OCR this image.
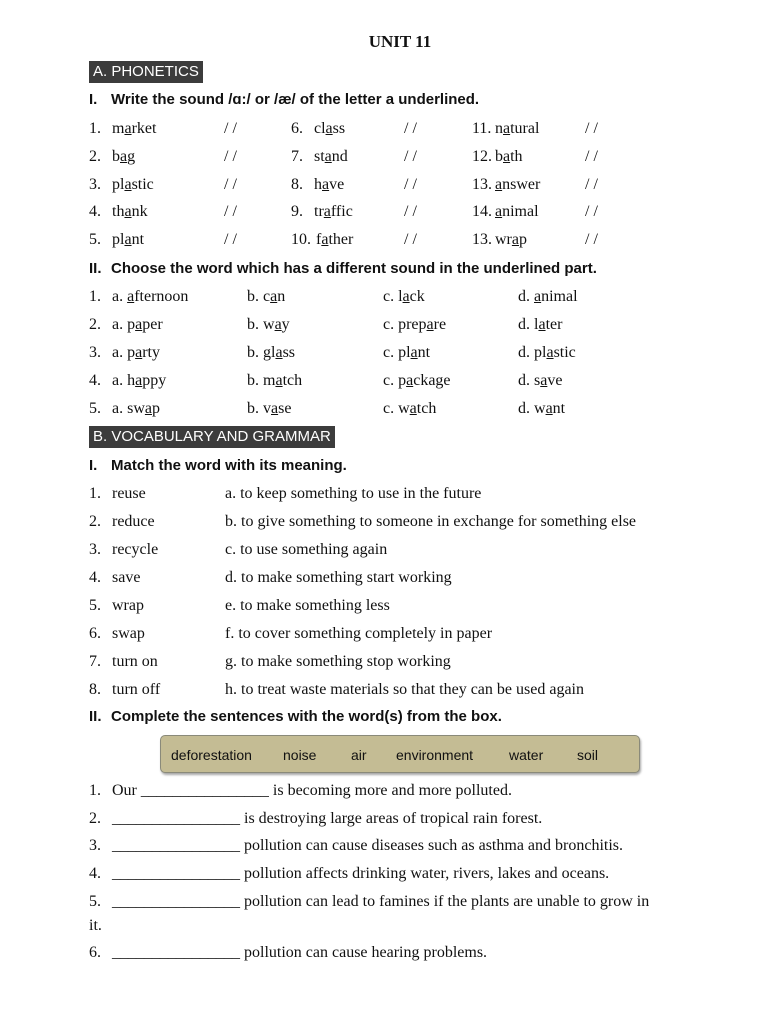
UNIT 11
A. PHONETICS
I. Write the sound /ɑ:/ or /æ/ of the letter a underlined.
1. market	/ /
2. bag	/ /
3. plastic	/ /
4. thank	/ /
5. plant	/ /
6. class	/ /
7. stand	/ /
8. have	/ /
9. traffic	/ /
10. father	/ /
11. natural	/ /
12. bath	/ /
13. answer	/ /
14. animal	/ /
13. wrap	/ /
II. Choose the word which has a different sound in the underlined part.
1. a. afternoon	b. can	c. lack	d. animal
2. a. paper	b. way	c. prepare	d. later
3. a. party	b. glass	c. plant	d. plastic
4. a. happy	b. match	c. package	d. save
5. a. swap	b. vase	c. watch	d. want
B. VOCABULARY AND GRAMMAR
I. Match the word with its meaning.
1. reuse	a. to keep something to use in the future
2. reduce	b. to give something to someone in exchange for something else
3. recycle	c. to use something again
4. save	d. to make something start working
5. wrap	e. to make something less
6. swap	f. to cover something completely in paper
7. turn on	g. to make something stop working
8. turn off	h. to treat waste materials so that they can be used again
II. Complete the sentences with the word(s) from the box.
deforestation noise air environment	water soil
1. Our ________________ is becoming more and more polluted.
2. ________________ is destroying large areas of tropical rain forest.
3. ________________ pollution can cause diseases such as asthma and bronchitis.
4. ________________ pollution affects drinking water, rivers, lakes and oceans.
5. ________________ pollution can lead to famines if the plants are unable to grow in
it.
6. ________________ pollution can cause hearing problems.
